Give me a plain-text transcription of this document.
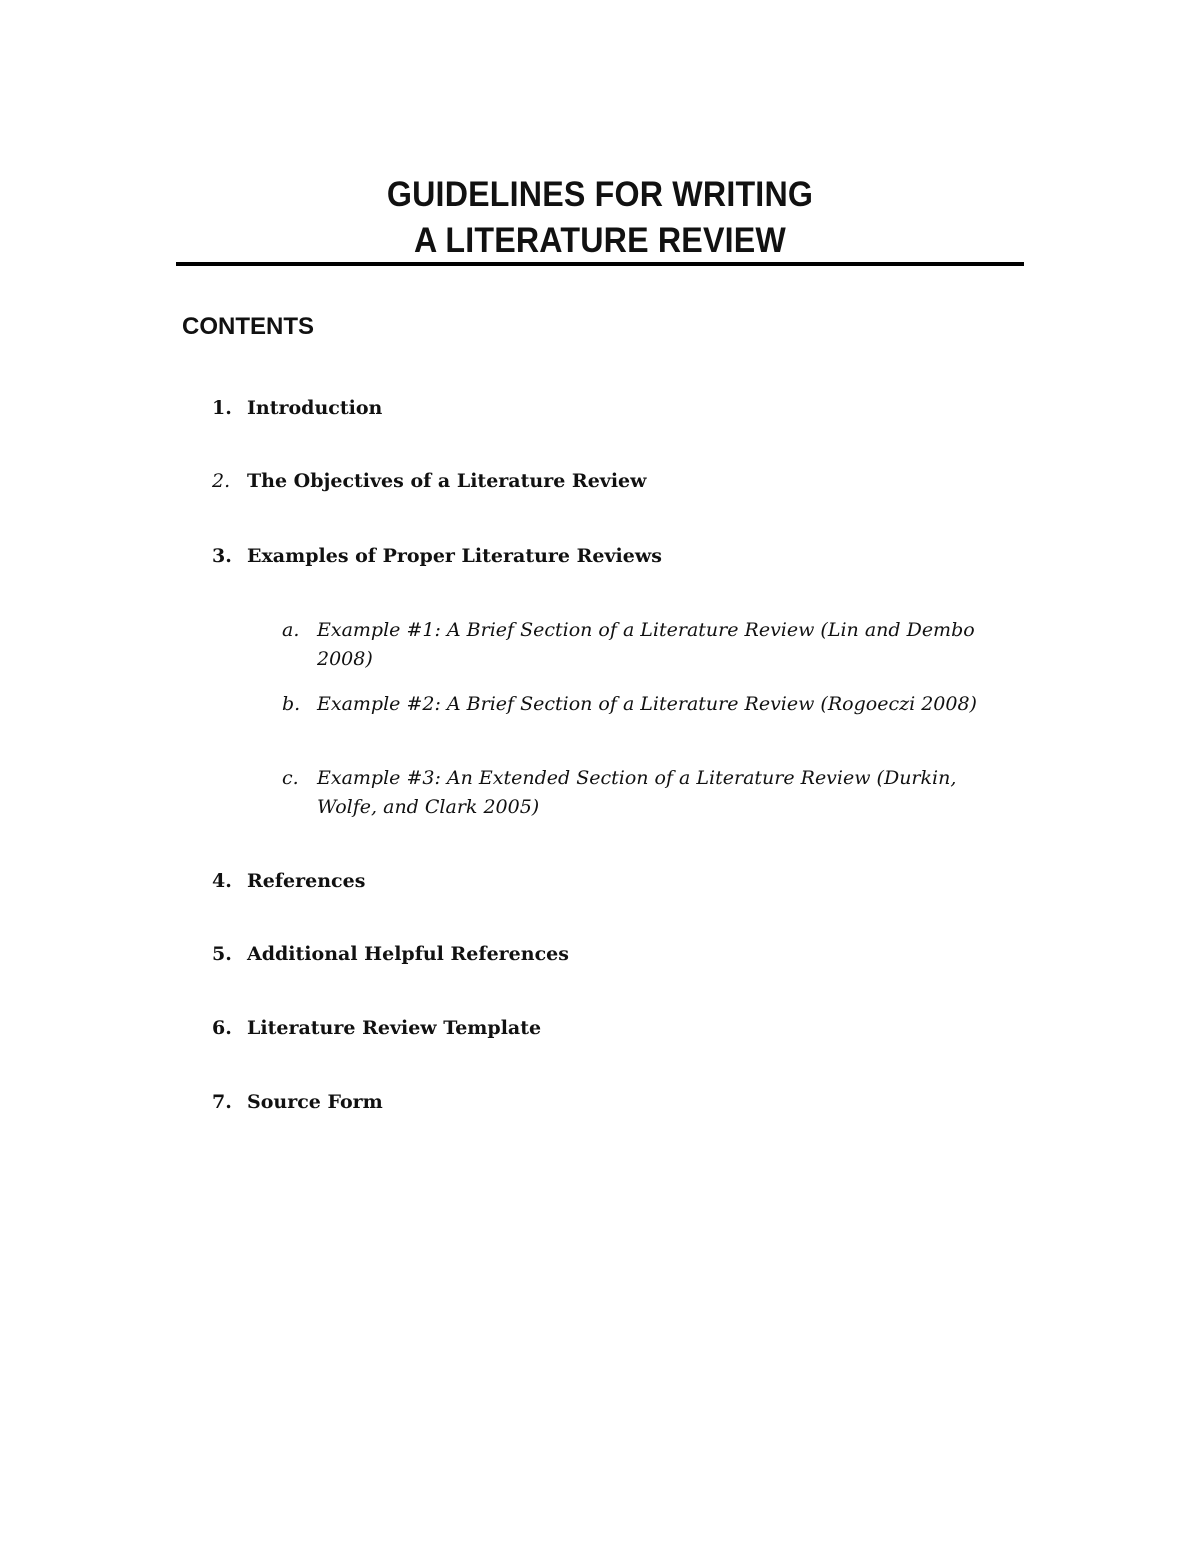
GUIDELINES FOR WRITING
A LITERATURE REVIEW
CONTENTS
1. Introduction
2. The Objectives of a Literature Review
3. Examples of Proper Literature Reviews
a. Example #1: A Brief Section of a Literature Review (Lin and Dembo 2008)
b. Example #2: A Brief Section of a Literature Review (Rogoeczi 2008)
c. Example #3: An Extended Section of a Literature Review (Durkin, Wolfe, and Clark 2005)
4. References
5. Additional Helpful References
6. Literature Review Template
7. Source Form
